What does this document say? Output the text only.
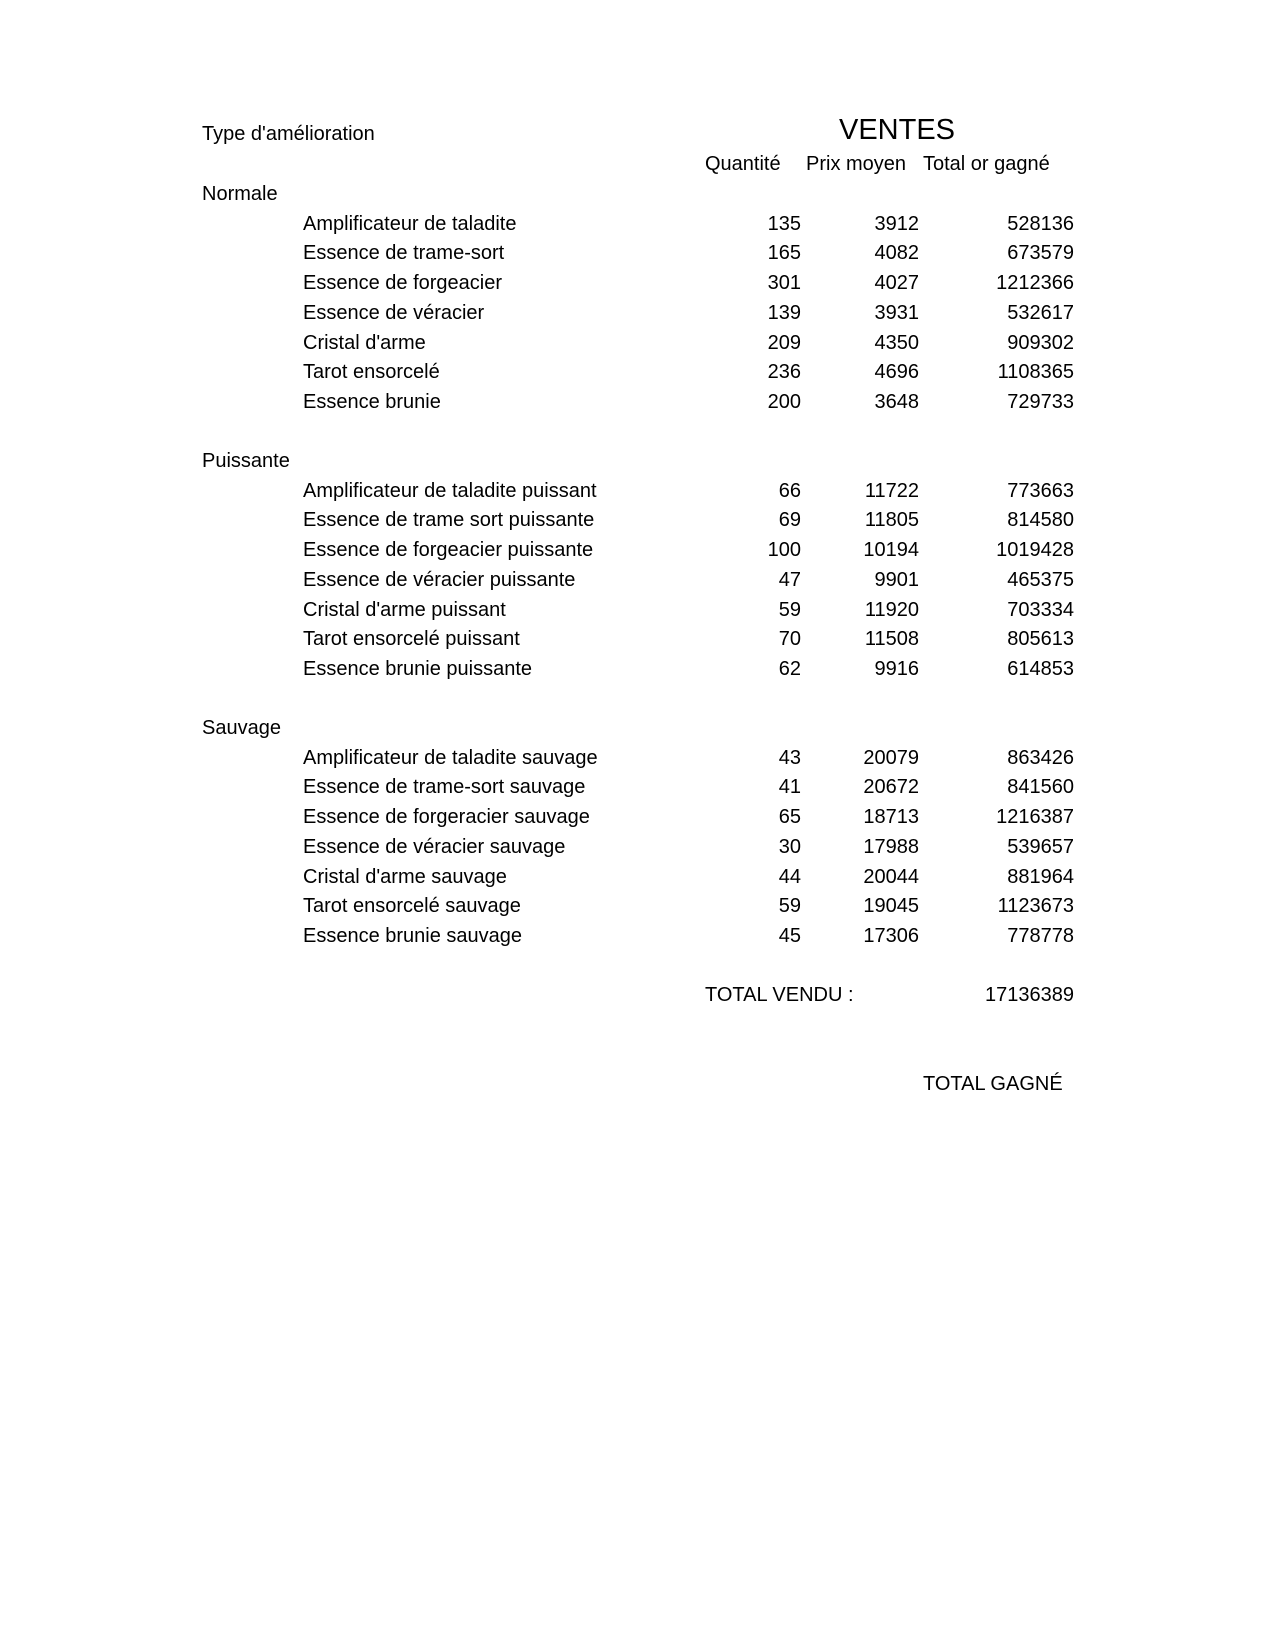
Type d'amélioration	VENTES
Quantité Prix moyen Total or gagné
Normale
Amplificateur de taladite	135	3912	528136
Essence de trame-sort	165	4082	673579
Essence de forgeacier	301	4027	1212366
Essence de véracier	139	3931	532617
Cristal d'arme	209	4350	909302
Tarot ensorcelé	236	4696	1108365
Essence brunie	200	3648	729733
Puissante
Amplificateur de taladite puissant	66	11722	773663
Essence de trame sort puissante	69	11805	814580
Essence de forgeacier puissante	100	10194	1019428
Essence de véracier puissante	47	9901	465375
Cristal d'arme puissant	59	11920	703334
Tarot ensorcelé puissant	70	11508	805613
Essence brunie puissante	62	9916	614853
Sauvage
Amplificateur de taladite sauvage	43	20079	863426
Essence de trame-sort sauvage	41	20672	841560
Essence de forgeracier sauvage	65	18713	1216387
Essence de véracier sauvage	30	17988	539657
Cristal d'arme sauvage	44	20044	881964
Tarot ensorcelé sauvage	59	19045	1123673
Essence brunie sauvage	45	17306	778778
TOTAL VENDU :	17136389
TOTAL GAGNÉ
